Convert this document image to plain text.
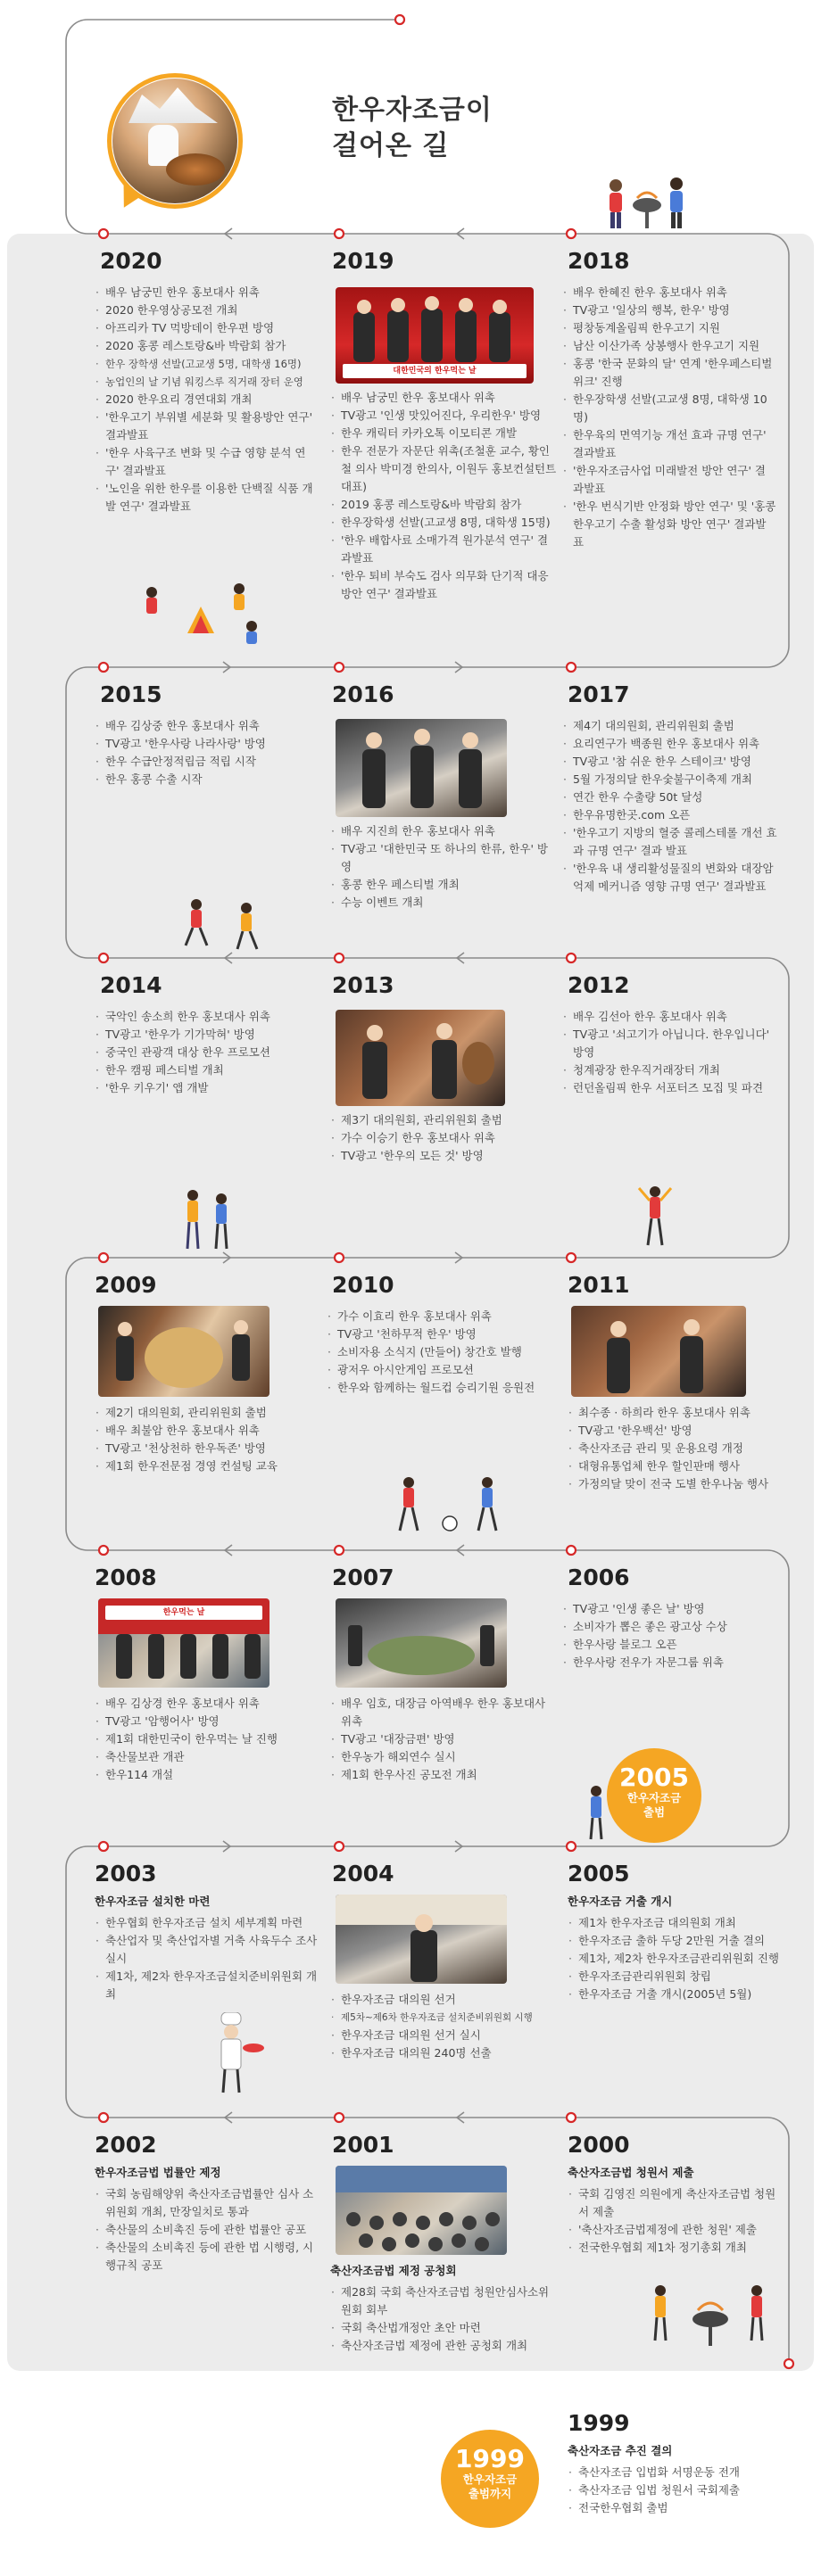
한우자조금이
걸어온 길
2020
· 배우 남궁민 한우 홍보대사 위촉
· 2020 한우영상공모전 개최
· 아프리카 TV 먹방데이 한우편 방영
· 2020 홍콩 레스토랑&바 박람회 참가
· 한우 장학생 선발(고교생 5명, 대학생 16명)
· 농업인의 날 기념 워킹스루 직거래 장터 운영
· 2020 한우요리 경연대회 개최
· '한우고기 부위별 세분화 및 활용방안 연구' 결과발표
· '한우 사육구조 변화 및 수급 영향 분석 연구' 결과발표
· '노인을 위한 한우를 이용한 단백질 식품 개발 연구' 결과발표
2019
대한민국의 한우먹는 날
· 배우 남궁민 한우 홍보대사 위촉
· TV광고 '인생 맛있어진다, 우리한우' 방영
· 한우 캐릭터 카카오톡 이모티콘 개발
· 한우 전문가 자문단 위촉(조철훈 교수, 황인철 의사 박미경 한의사, 이원두 홍보컨설턴트 대표)
· 2019 홍콩 레스토랑&바 박람회 참가
· 한우장학생 선발(고교생 8명, 대학생 15명)
· '한우 배합사료 소매가격 원가분석 연구' 결과발표
· '한우 퇴비 부숙도 검사 의무화 단기적 대응 방안 연구' 결과발표
2018
· 배우 한혜진 한우 홍보대사 위촉
· TV광고 '일상의 행복, 한우' 방영
· 평창동계올림픽 한우고기 지원
· 남산 이산가족 상봉행사 한우고기 지원
· 홍콩 '한국 문화의 달' 연계 '한우페스티벌 위크' 진행
· 한우장학생 선발(고교생 8명, 대학생 10명)
· 한우육의 면역기능 개선 효과 규명 연구' 결과발표
· '한우자조금사업 미래발전 방안 연구' 결과발표
· '한우 번식기반 안정화 방안 연구' 및 '홍콩 한우고기 수출 활성화 방안 연구' 결과발표
2015
· 배우 김상중 한우 홍보대사 위촉
· TV광고 '한우사랑 나라사랑' 방영
· 한우 수급안정적립금 적립 시작
· 한우 홍콩 수출 시작
2016
· 배우 지진희 한우 홍보대사 위촉
· TV광고 '대한민국 또 하나의 한류, 한우' 방영
· 홍콩 한우 페스티벌 개최
· 수능 이벤트 개최
2017
· 제4기 대의원회, 관리위원회 출범
· 요리연구가 백종원 한우 홍보대사 위촉
· TV광고 '참 쉬운 한우 스테이크' 방영
· 5월 가정의달 한우숯불구이축제 개최
· 연간 한우 수출량 50t 달성
· 한우유명한곳.com 오픈
· '한우고기 지방의 혈중 콜레스테롤 개선 효과 규명 연구' 결과 발표
· '한우육 내 생리활성물질의 변화와 대장암 억제 메커니즘 영향 규명 연구' 결과발표
2014
· 국악인 송소희 한우 홍보대사 위촉
· TV광고 '한우가 기가막혀' 방영
· 중국인 관광객 대상 한우 프로모션
· 한우 캠핑 페스티벌 개최
· '한우 키우기' 앱 개발
2013
· 제3기 대의원회, 관리위원회 출범
· 가수 이승기 한우 홍보대사 위촉
· TV광고 '한우의 모든 것' 방영
2012
· 배우 김선아 한우 홍보대사 위촉
· TV광고 '쇠고기가 아닙니다. 한우입니다' 방영
· 청계광장 한우직거래장터 개최
· 런던올림픽 한우 서포터즈 모집 및 파견
2009
· 제2기 대의원회, 관리위원회 출범
· 배우 최불암 한우 홍보대사 위촉
· TV광고 '천상천하 한우독존' 방영
· 제1회 한우전문점 경영 컨설팅 교육
2010
· 가수 이효리 한우 홍보대사 위촉
· TV광고 '천하무적 한우' 방영
· 소비자용 소식지 (만들어) 창간호 발행
· 광저우 아시안게임 프로모션
· 한우와 함께하는 월드컵 승리기원 응원전
2011
· 최수종 · 하희라 한우 홍보대사 위촉
· TV광고 '한우백선' 방영
· 축산자조금 관리 및 운용요령 개정
· 대형유통업체 한우 할인판매 행사
· 가정의달 맞이 전국 도별 한우나눔 행사
2008
한우먹는 날
· 배우 김상경 한우 홍보대사 위촉
· TV광고 '암행어사' 방영
· 제1회 대한민국이 한우먹는 날 진행
· 축산물보관 개관
· 한우114 개설
2007
· 배우 임호, 대장금 아역배우 한우 홍보대사 위촉
· TV광고 '대장금편' 방영
· 한우농가 해외연수 실시
· 제1회 한우사진 공모전 개최
2006
· TV광고 '인생 좋은 날' 방영
· 소비자가 뽑은 좋은 광고상 수상
· 한우사랑 블로그 오픈
· 한우사랑 전우가 자문그룹 위촉
2005
한우자조금
출범
2003
한우자조금 설치한 마련
· 한우협회 한우자조금 설치 세부계획 마련
· 축산업자 및 축산업자별 거축 사육두수 조사 실시
· 제1차, 제2차 한우자조금설치준비위원회 개최
2004
· 한우자조금 대의원 선거
· 제5차~제6차 한우자조금 설치준비위원회 시행
· 한우자조금 대의원 선거 실시
· 한우자조금 대의원 240명 선출
2005
한우자조금 거출 개시
· 제1차 한우자조금 대의원회 개최
· 한우자조금 출하 두당 2만원 거출 결의
· 제1차, 제2차 한우자조금관리위원회 진행
· 한우자조금관리위원회 창립
· 한우자조금 거출 개시(2005년 5월)
2002
한우자조금법 법률안 제정
· 국회 농림해양위 축산자조금법률안 심사 소위원회 개최, 만장일치로 통과
· 축산물의 소비촉진 등에 관한 법률안 공포
· 축산물의 소비촉진 등에 관한 법 시행령, 시행규칙 공포
2001
축산자조금법 제정 공청회
· 제28회 국회 축산자조금법 청원안심사소위원회 회부
· 국회 축산법개정안 초안 마련
· 축산자조금법 제정에 관한 공청회 개최
2000
축산자조금법 청원서 제출
· 국회 김영진 의원에게 축산자조금법 청원서 제출
· '축산자조금법제정에 관한 청원' 제출
· 전국한우협회 제1차 정기총회 개최
1999
한우자조금
출범까지
1999
축산자조금 추진 결의
· 축산자조금 입법화 서명운동 전개
· 축산자조금 입법 청원서 국회제출
· 전국한우협회 출범
